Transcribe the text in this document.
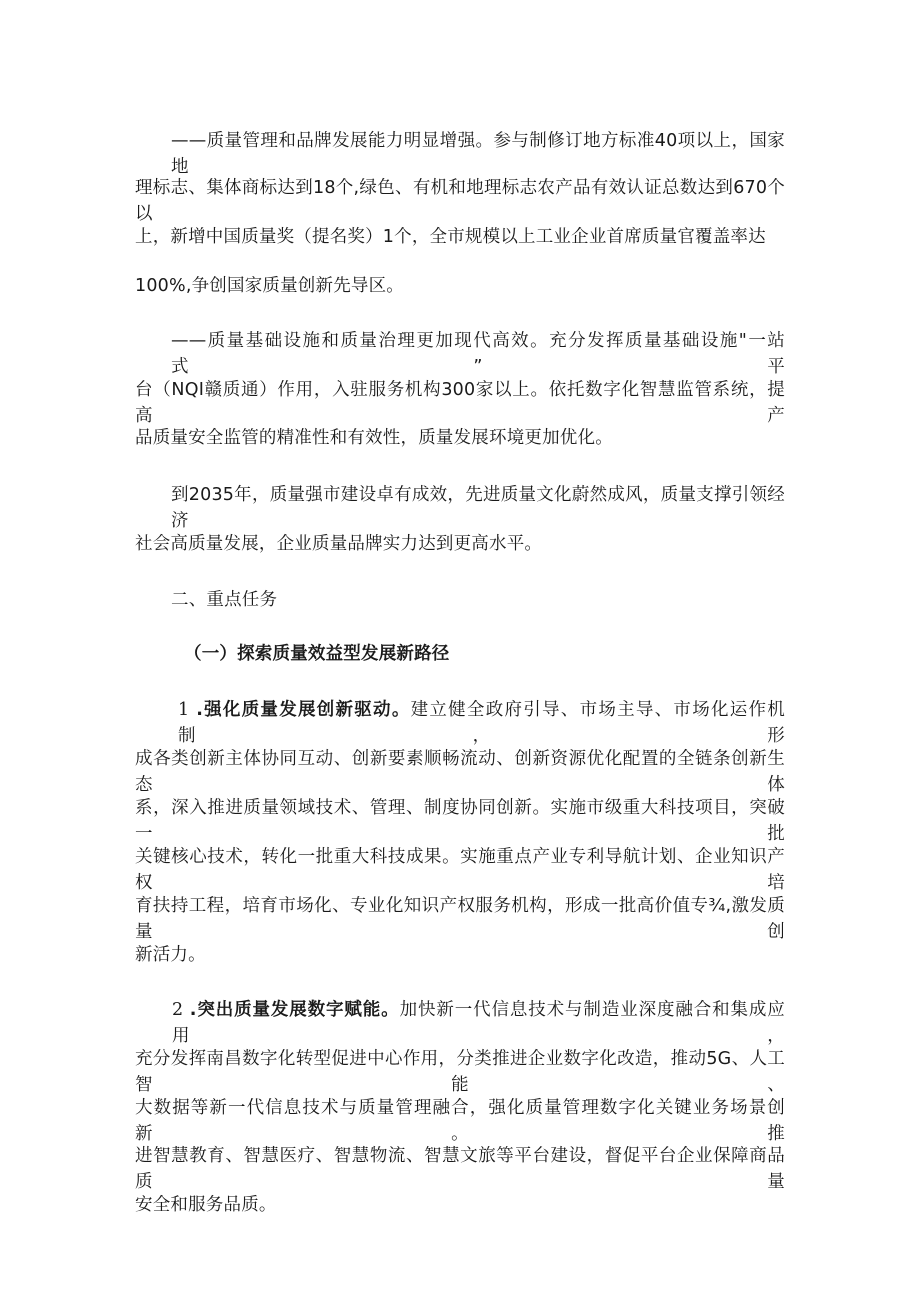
——质量管理和品牌发展能力明显增强。参与制修订地方标准40项以上，国家地
理标志、集体商标达到18个,绿色、有机和地理标志农产品有效认证总数达到670个以
上，新增中国质量奖（提名奖）1个，全市规模以上工业企业首席质量官覆盖率达
100%,争创国家质量创新先导区。
——质量基础设施和质量治理更加现代高效。充分发挥质量基础设施"一站式”平
台（NQI赣质通）作用，入驻服务机构300家以上。依托数字化智慧监管系统，提高产
品质量安全监管的精准性和有效性，质量发展环境更加优化。
到2035年，质量强市建设卓有成效，先进质量文化蔚然成风，质量支撑引领经济
社会高质量发展，企业质量品牌实力达到更高水平。
二、重点任务
（一）探索质量效益型发展新路径
1 .强化质量发展创新驱动。建立健全政府引导、市场主导、市场化运作机制，形
成各类创新主体协同互动、创新要素顺畅流动、创新资源优化配置的全链条创新生态体
系，深入推进质量领域技术、管理、制度协同创新。实施市级重大科技项目，突破一批
关键核心技术，转化一批重大科技成果。实施重点产业专利导航计划、企业知识产权培
育扶持工程，培育市场化、专业化知识产权服务机构，形成一批高价值专¾,激发质量创
新活力。
2 .突出质量发展数字赋能。加快新一代信息技术与制造业深度融合和集成应用，
充分发挥南昌数字化转型促进中心作用，分类推进企业数字化改造，推动5G、人工智能、
大数据等新一代信息技术与质量管理融合，强化质量管理数字化关键业务场景创新。推
进智慧教育、智慧医疗、智慧物流、智慧文旅等平台建设，督促平台企业保障商品质量
安全和服务品质。
